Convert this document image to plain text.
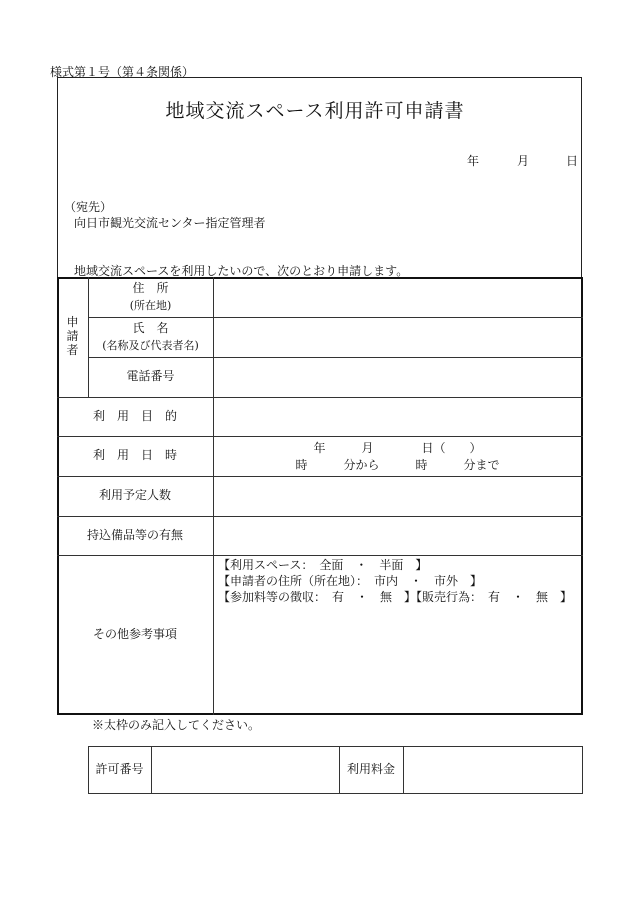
様式第１号（第４条関係）
地域交流スペース利用許可申請書
年	月	日
（宛先）
向日市観光交流センター指定管理者
地域交流スペースを利用したいので、次のとおり申請します。
申
請
者
住　所
(所在地)
氏　名
(名称及び代表者名)
電話番号
利　用　目　的
利　用　日　時	年　　　月　　　　日（　　）
時　　　分から　　　時　　　分まで
利用予定人数
持込備品等の有無
その他参考事項
【利用スペース：　全面　・　半面　】
【申請者の住所（所在地）：　市内　・　市外　】
【参加料等の徴収：　有　・　無　】【販売行為：　有　・　無　】
※太枠のみ記入してください。
許可番号	利用料金
